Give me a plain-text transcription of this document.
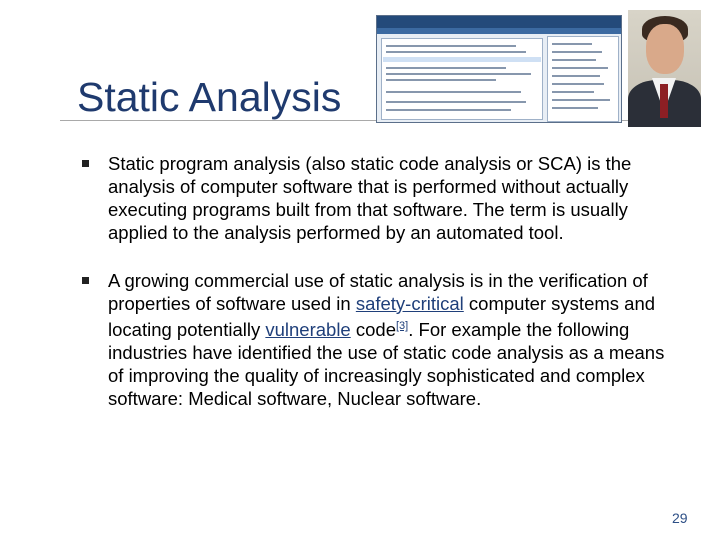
Static Analysis
Static program analysis (also static code analysis or SCA) is the analysis of computer software that is performed without actually executing programs built from that software. The term is usually applied to the analysis performed by an automated tool.
A growing commercial use of static analysis is in the verification of properties of software used in safety-critical computer systems and locating potentially vulnerable code[3]. For example the following industries have identified the use of static code analysis as a means of improving the quality of increasingly sophisticated and complex software: Medical software, Nuclear software.
29
